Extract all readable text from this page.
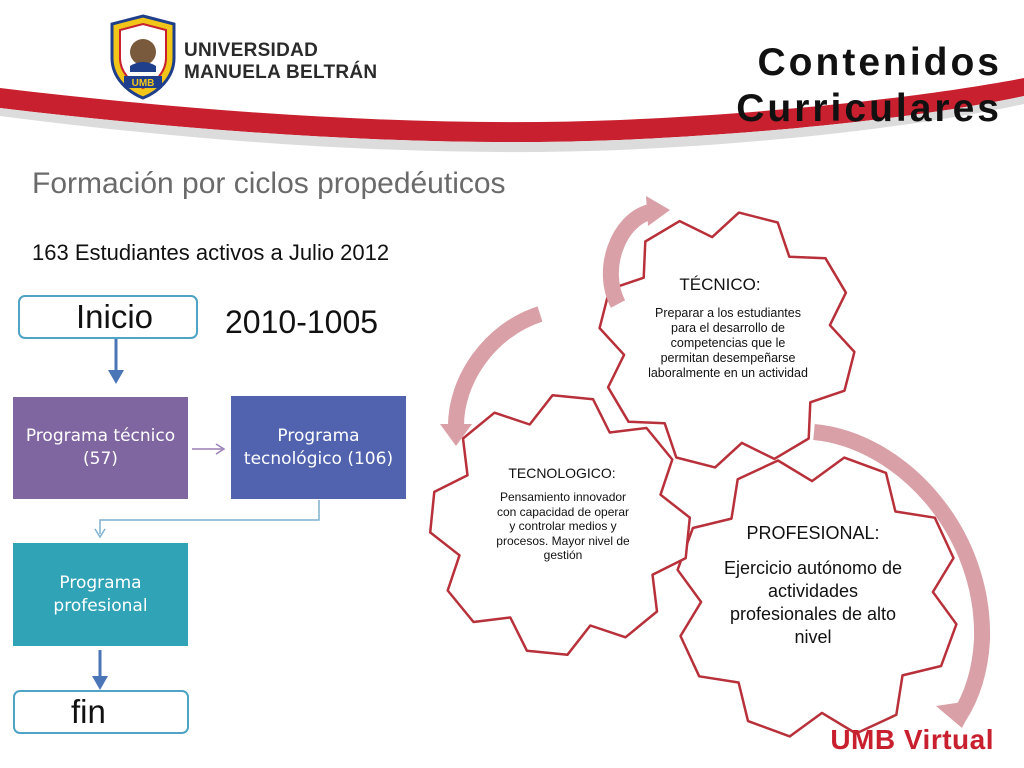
UMB
UNIVERSIDAD
MANUELA BELTRÁN	Contenidos
Curriculares
Formación por ciclos propedéuticos
163 Estudiantes activos a Julio 2012
Inicio	2010-1005
Programa técnico (57)
Programa tecnológico (106)
Programa profesional
fin
TÉCNICO:
Preparar a los estudiantes para el desarrollo de competencias que le permitan desempeñarse laboralmente en un actividad
TECNOLOGICO:
Pensamiento innovador con capacidad de operar y controlar medios y procesos. Mayor nivel de gestión
PROFESIONAL:
Ejercicio autónomo de actividades profesionales de alto nivel
UMB Virtual
